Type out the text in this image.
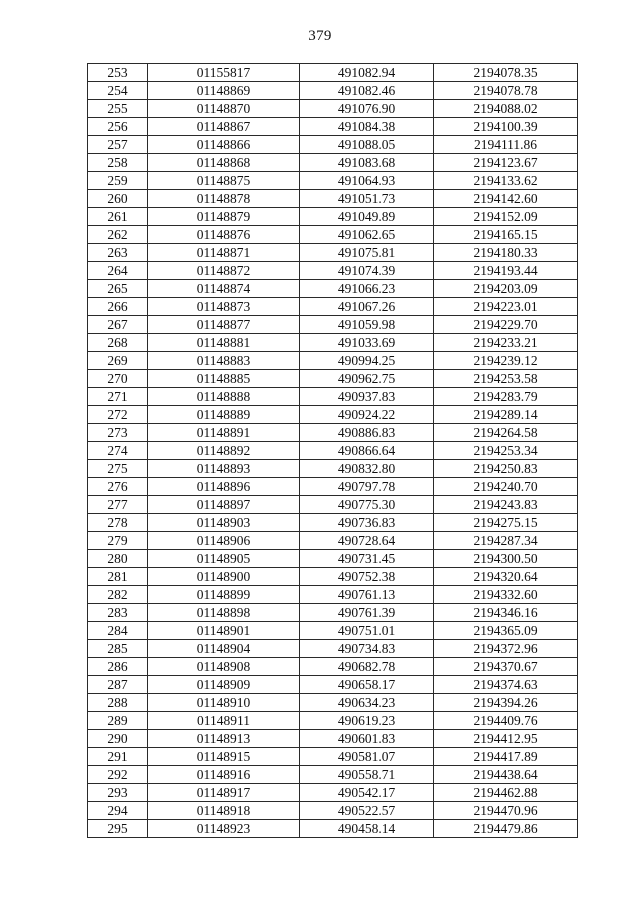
379
253	01155817	491082.94	2194078.35
254	01148869	491082.46	2194078.78
255	01148870	491076.90	2194088.02
256	01148867	491084.38	2194100.39
257	01148866	491088.05	2194111.86
258	01148868	491083.68	2194123.67
259	01148875	491064.93	2194133.62
260	01148878	491051.73	2194142.60
261	01148879	491049.89	2194152.09
262	01148876	491062.65	2194165.15
263	01148871	491075.81	2194180.33
264	01148872	491074.39	2194193.44
265	01148874	491066.23	2194203.09
266	01148873	491067.26	2194223.01
267	01148877	491059.98	2194229.70
268	01148881	491033.69	2194233.21
269	01148883	490994.25	2194239.12
270	01148885	490962.75	2194253.58
271	01148888	490937.83	2194283.79
272	01148889	490924.22	2194289.14
273	01148891	490886.83	2194264.58
274	01148892	490866.64	2194253.34
275	01148893	490832.80	2194250.83
276	01148896	490797.78	2194240.70
277	01148897	490775.30	2194243.83
278	01148903	490736.83	2194275.15
279	01148906	490728.64	2194287.34
280	01148905	490731.45	2194300.50
281	01148900	490752.38	2194320.64
282	01148899	490761.13	2194332.60
283	01148898	490761.39	2194346.16
284	01148901	490751.01	2194365.09
285	01148904	490734.83	2194372.96
286	01148908	490682.78	2194370.67
287	01148909	490658.17	2194374.63
288	01148910	490634.23	2194394.26
289	01148911	490619.23	2194409.76
290	01148913	490601.83	2194412.95
291	01148915	490581.07	2194417.89
292	01148916	490558.71	2194438.64
293	01148917	490542.17	2194462.88
294	01148918	490522.57	2194470.96
295	01148923	490458.14	2194479.86
